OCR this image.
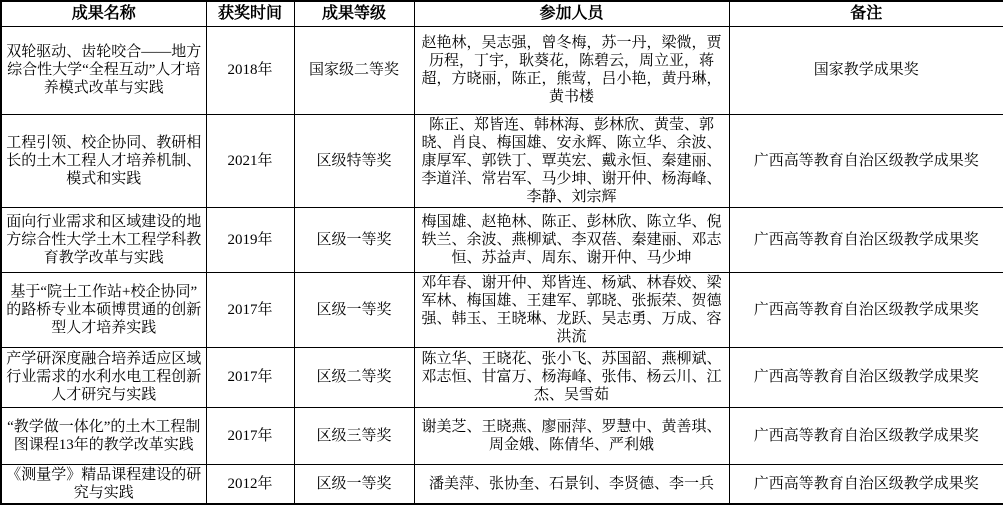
成果名称	获奖时间	成果等级	参加人员	备注
双轮驱动、齿轮咬合——地方综合性大学“全程互动”人才培养模式改革与实践	2018年	国家级二等奖	赵艳林，吴志强，曾冬梅，苏一丹，梁微，贾历程，丁宇，耿葵花，陈碧云，周立亚，蒋超，方晓丽，陈正，熊莺，吕小艳，黄丹琳，黄书楼	国家教学成果奖
工程引领、校企协同、教研相长的土木工程人才培养机制、模式和实践	2021年	区级特等奖	陈正、郑皆连、韩林海、彭林欣、黄莹、郭晓、肖良、梅国雄、安永辉、陈立华、余波、康厚军、郭铁丁、覃英宏、戴永恒、秦建丽、李道洋、常岩军、马少坤、谢开仲、杨海峰、李静、刘宗辉	广西高等教育自治区级教学成果奖
面向行业需求和区域建设的地方综合性大学土木工程学科教育教学改革与实践	2019年	区级一等奖	梅国雄、赵艳林、陈正、彭林欣、陈立华、倪轶兰、余波、燕柳斌、李双蓓、秦建丽、邓志恒、苏益声、周东、谢开仲、马少坤	广西高等教育自治区级教学成果奖
基于“院士工作站+校企协同”的路桥专业本硕博贯通的创新型人才培养实践	2017年	区级一等奖	邓年春、谢开仲、郑皆连、杨斌、林春姣、梁军林、梅国雄、王建军、郭晓、张振荣、贺德强、韩玉、王晓琳、龙跃、吴志勇、万成、容洪流	广西高等教育自治区级教学成果奖
产学研深度融合培养适应区域行业需求的水利水电工程创新人才研究与实践	2017年	区级二等奖	陈立华、王晓花、张小飞、苏国韶、燕柳斌、邓志恒、甘富万、杨海峰、张伟、杨云川、江杰、吴雪茹	广西高等教育自治区级教学成果奖
“教学做一体化”的土木工程制图课程13年的教学改革实践	2017年	区级三等奖	谢美芝、王晓燕、廖丽萍、罗慧中、黄善琪、周金娥、陈倩华、严利娥	广西高等教育自治区级教学成果奖
《测量学》精品课程建设的研究与实践	2012年	区级一等奖	潘美萍、张协奎、石景钊、李贤德、李一兵	广西高等教育自治区级教学成果奖
